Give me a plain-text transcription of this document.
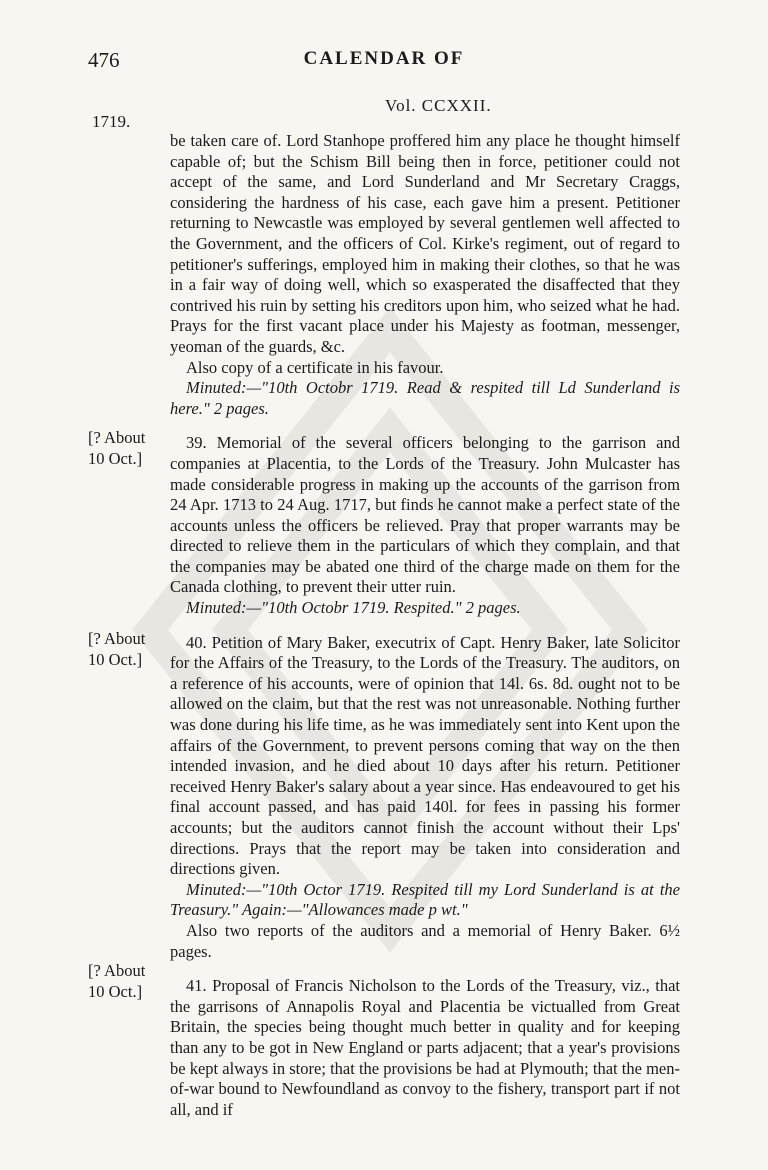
476	CALENDAR OF
Vol. CCXXII.
1719.
[? About
10 Oct.]
[? About
10 Oct.]
[? About
10 Oct.]

be taken care of. Lord Stanhope proffered him any place he thought himself capable of; but the Schism Bill being then in force, petitioner could not accept of the same, and Lord Sunderland and Mr Secretary Craggs, considering the hardness of his case, each gave him a present. Petitioner returning to Newcastle was employed by several gentlemen well affected to the Government, and the officers of Col. Kirke's regiment, out of regard to petitioner's sufferings, employed him in making their clothes, so that he was in a fair way of doing well, which so exasperated the disaffected that they contrived his ruin by setting his creditors upon him, who seized what he had. Prays for the first vacant place under his Majesty as footman, messenger, yeoman of the guards, &c.

Also copy of a certificate in his favour.

Minuted:—"10th Octobr 1719. Read & respited till Ld Sunderland is here." 2 pages.

39. Memorial of the several officers belonging to the garrison and companies at Placentia, to the Lords of the Treasury. John Mulcaster has made considerable progress in making up the accounts of the garrison from 24 Apr. 1713 to 24 Aug. 1717, but finds he cannot make a perfect state of the accounts unless the officers be relieved. Pray that proper warrants may be directed to relieve them in the particulars of which they complain, and that the companies may be abated one third of the charge made on them for the Canada clothing, to prevent their utter ruin.

Minuted:—"10th Octobr 1719. Respited." 2 pages.

40. Petition of Mary Baker, executrix of Capt. Henry Baker, late Solicitor for the Affairs of the Treasury, to the Lords of the Treasury. The auditors, on a reference of his accounts, were of opinion that 14l. 6s. 8d. ought not to be allowed on the claim, but that the rest was not unreasonable. Nothing further was done during his life time, as he was immediately sent into Kent upon the affairs of the Government, to prevent persons coming that way on the then intended invasion, and he died about 10 days after his return. Petitioner received Henry Baker's salary about a year since. Has endeavoured to get his final account passed, and has paid 140l. for fees in passing his former accounts; but the auditors cannot finish the account without their Lps' directions. Prays that the report may be taken into consideration and directions given.

Minuted:—"10th Octor 1719. Respited till my Lord Sunderland is at the Treasury." Again:—"Allowances made p wt."

Also two reports of the auditors and a memorial of Henry Baker. 6½ pages.

41. Proposal of Francis Nicholson to the Lords of the Treasury, viz., that the garrisons of Annapolis Royal and Placentia be victualled from Great Britain, the species being thought much better in quality and for keeping than any to be got in New England or parts adjacent; that a year's provisions be kept always in store; that the provisions be had at Plymouth; that the men-of-war bound to Newfoundland as convoy to the fishery, transport part if not all, and if
